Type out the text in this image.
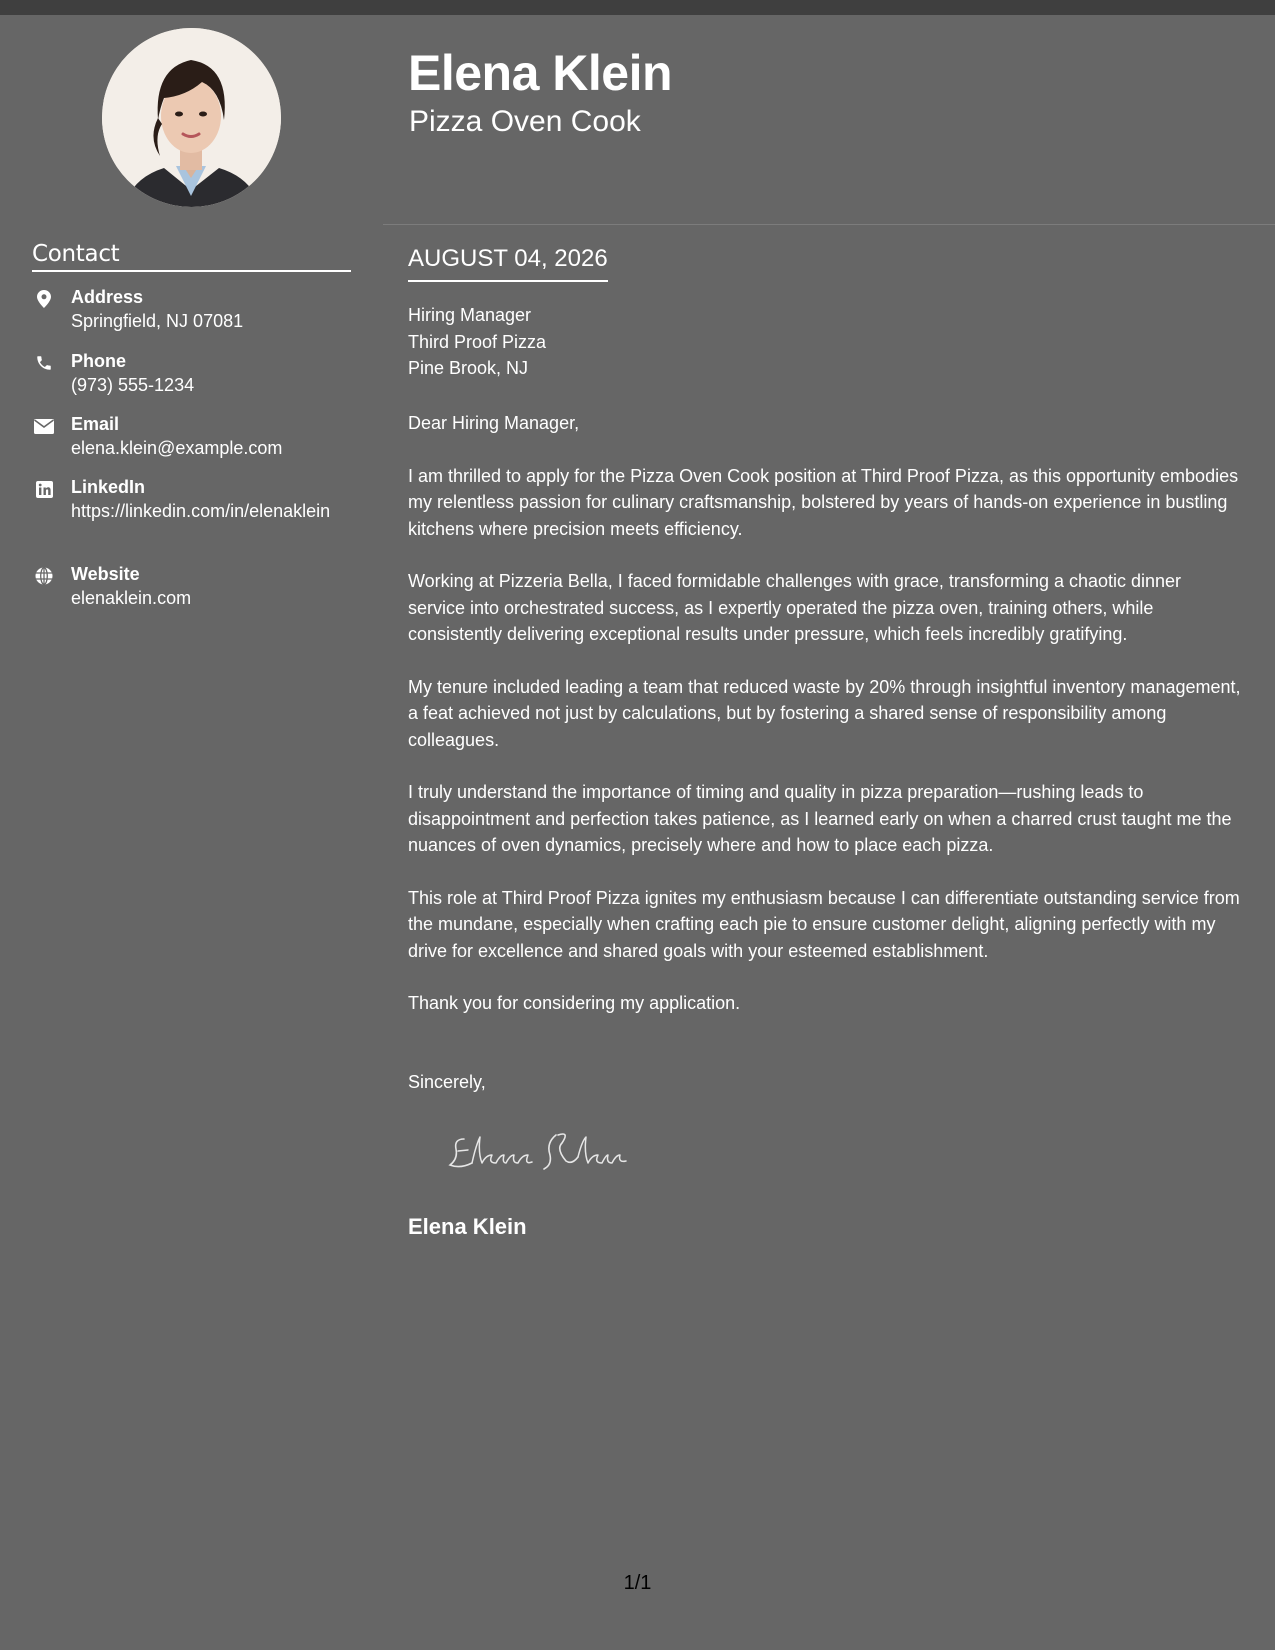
Contact
Address
Springfield, NJ 07081
Phone
(973) 555-1234
Email
elena.klein@example.com
LinkedIn
https://linkedin.com/in/elenaklein
Website
elenaklein.com
Elena Klein
Pizza Oven Cook
AUGUST 04, 2026
Hiring Manager
Third Proof Pizza
Pine Brook, NJ

Dear Hiring Manager,

I am thrilled to apply for the Pizza Oven Cook position at Third Proof Pizza, as this opportunity embodies my relentless passion for culinary craftsmanship, bolstered by years of hands-on experience in bustling kitchens where precision meets efficiency.

Working at Pizzeria Bella, I faced formidable challenges with grace, transforming a chaotic dinner service into orchestrated success, as I expertly operated the pizza oven, training others, while consistently delivering exceptional results under pressure, which feels incredibly gratifying.

My tenure included leading a team that reduced waste by 20% through insightful inventory management, a feat achieved not just by calculations, but by fostering a shared sense of responsibility among colleagues.

I truly understand the importance of timing and quality in pizza preparation—rushing leads to disappointment and perfection takes patience, as I learned early on when a charred crust taught me the nuances of oven dynamics, precisely where and how to place each pizza.

This role at Third Proof Pizza ignites my enthusiasm because I can differentiate outstanding service from the mundane, especially when crafting each pie to ensure customer delight, aligning perfectly with my drive for excellence and shared goals with your esteemed establishment.

Thank you for considering my application.

Sincerely,
Elena Klein
1/1
